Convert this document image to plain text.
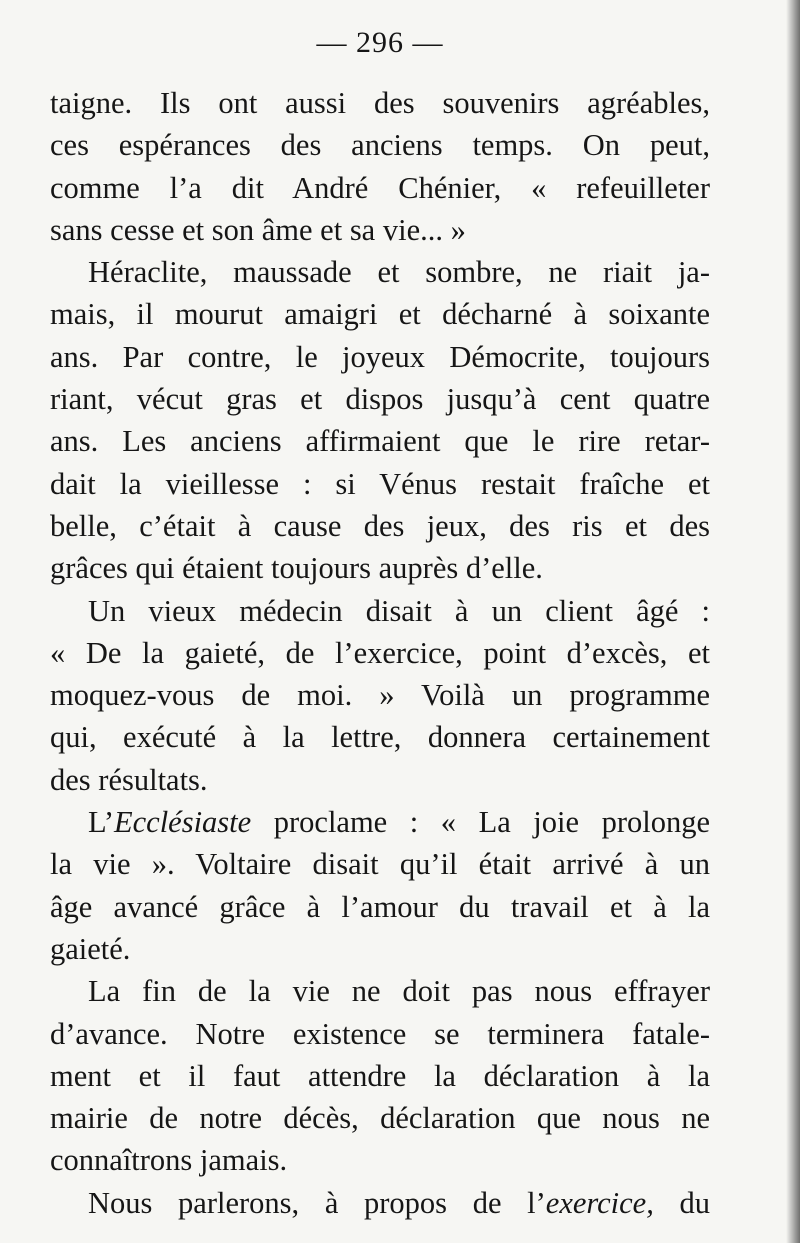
— 296 —
taigne. Ils ont aussi des souvenirs agréables,
ces espérances des anciens temps. On peut,
comme l’a dit André Chénier, « refeuilleter
sans cesse et son âme et sa vie... »
Héraclite, maussade et sombre, ne riait ja-
mais, il mourut amaigri et décharné à soixante
ans. Par contre, le joyeux Démocrite, toujours
riant, vécut gras et dispos jusqu’à cent quatre
ans. Les anciens affirmaient que le rire retar-
dait la vieillesse : si Vénus restait fraîche et
belle, c’était à cause des jeux, des ris et des
grâces qui étaient toujours auprès d’elle.
Un vieux médecin disait à un client âgé :
« De la gaieté, de l’exercice, point d’excès, et
moquez-vous de moi. » Voilà un programme
qui, exécuté à la lettre, donnera certainement
des résultats.
L’Ecclésiaste proclame : « La joie prolonge
la vie ». Voltaire disait qu’il était arrivé à un
âge avancé grâce à l’amour du travail et à la
gaieté.
La fin de la vie ne doit pas nous effrayer
d’avance. Notre existence se terminera fatale-
ment et il faut attendre la déclaration à la
mairie de notre décès, déclaration que nous ne
connaîtrons jamais.
Nous parlerons, à propos de l’exercice, du
